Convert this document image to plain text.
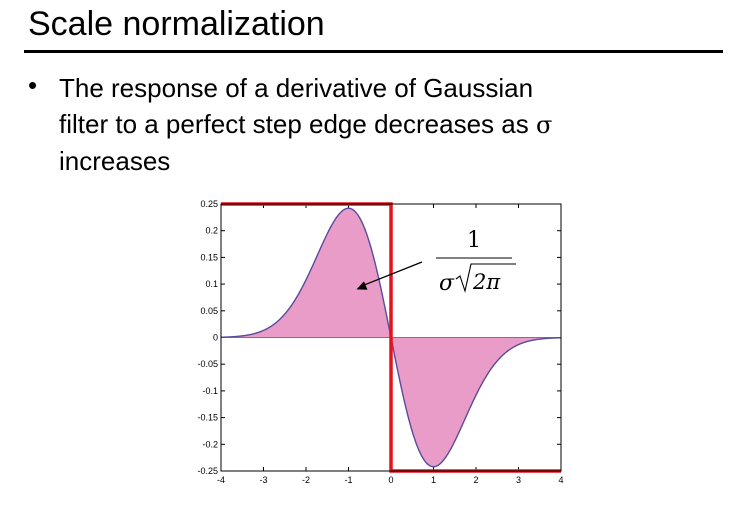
Scale normalization
• The response of a derivative of Gaussian
filter to a perfect step edge decreases as σ
increases
0.25
0.2
0.15
0.1
0.05
0
-0.05
-0.1
-0.15
-0.2
-0.25
-4	-3	-2	-1	0	1	2	3	4
1
σ 2π
